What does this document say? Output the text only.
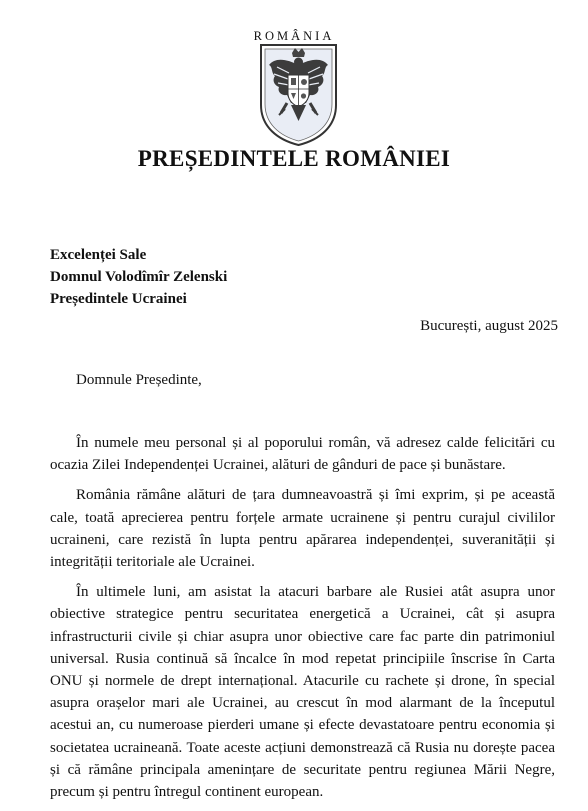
ROMÂNIA
PREȘEDINTELE ROMÂNIEI
Excelenței Sale
Domnul Volodîmîr Zelenski
Președintele Ucrainei
București, august 2025
Domnule Președinte,

În numele meu personal și al poporului român, vă adresez calde felicitări cu ocazia Zilei Independenței Ucrainei, alături de gânduri de pace și bunăstare.

România rămâne alături de țara dumneavoastră și îmi exprim, și pe această cale, toată aprecierea pentru forțele armate ucrainene și pentru curajul civililor ucraineni, care rezistă în lupta pentru apărarea independenței, suveranității și integrității teritoriale ale Ucrainei.

În ultimele luni, am asistat la atacuri barbare ale Rusiei atât asupra unor obiective strategice pentru securitatea energetică a Ucrainei, cât și asupra infrastructurii civile și chiar asupra unor obiective care fac parte din patrimoniul universal. Rusia continuă să încalce în mod repetat principiile înscrise în Carta ONU și normele de drept internațional. Atacurile cu rachete și drone, în special asupra orașelor mari ale Ucrainei, au crescut în mod alarmant de la începutul acestui an, cu numeroase pierderi umane și efecte devastatoare pentru economia și societatea ucraineană. Toate aceste acțiuni demonstrează că Rusia nu dorește pacea și că rămâne principala amenințare de securitate pentru regiunea Mării Negre, precum și pentru întregul continent european.
